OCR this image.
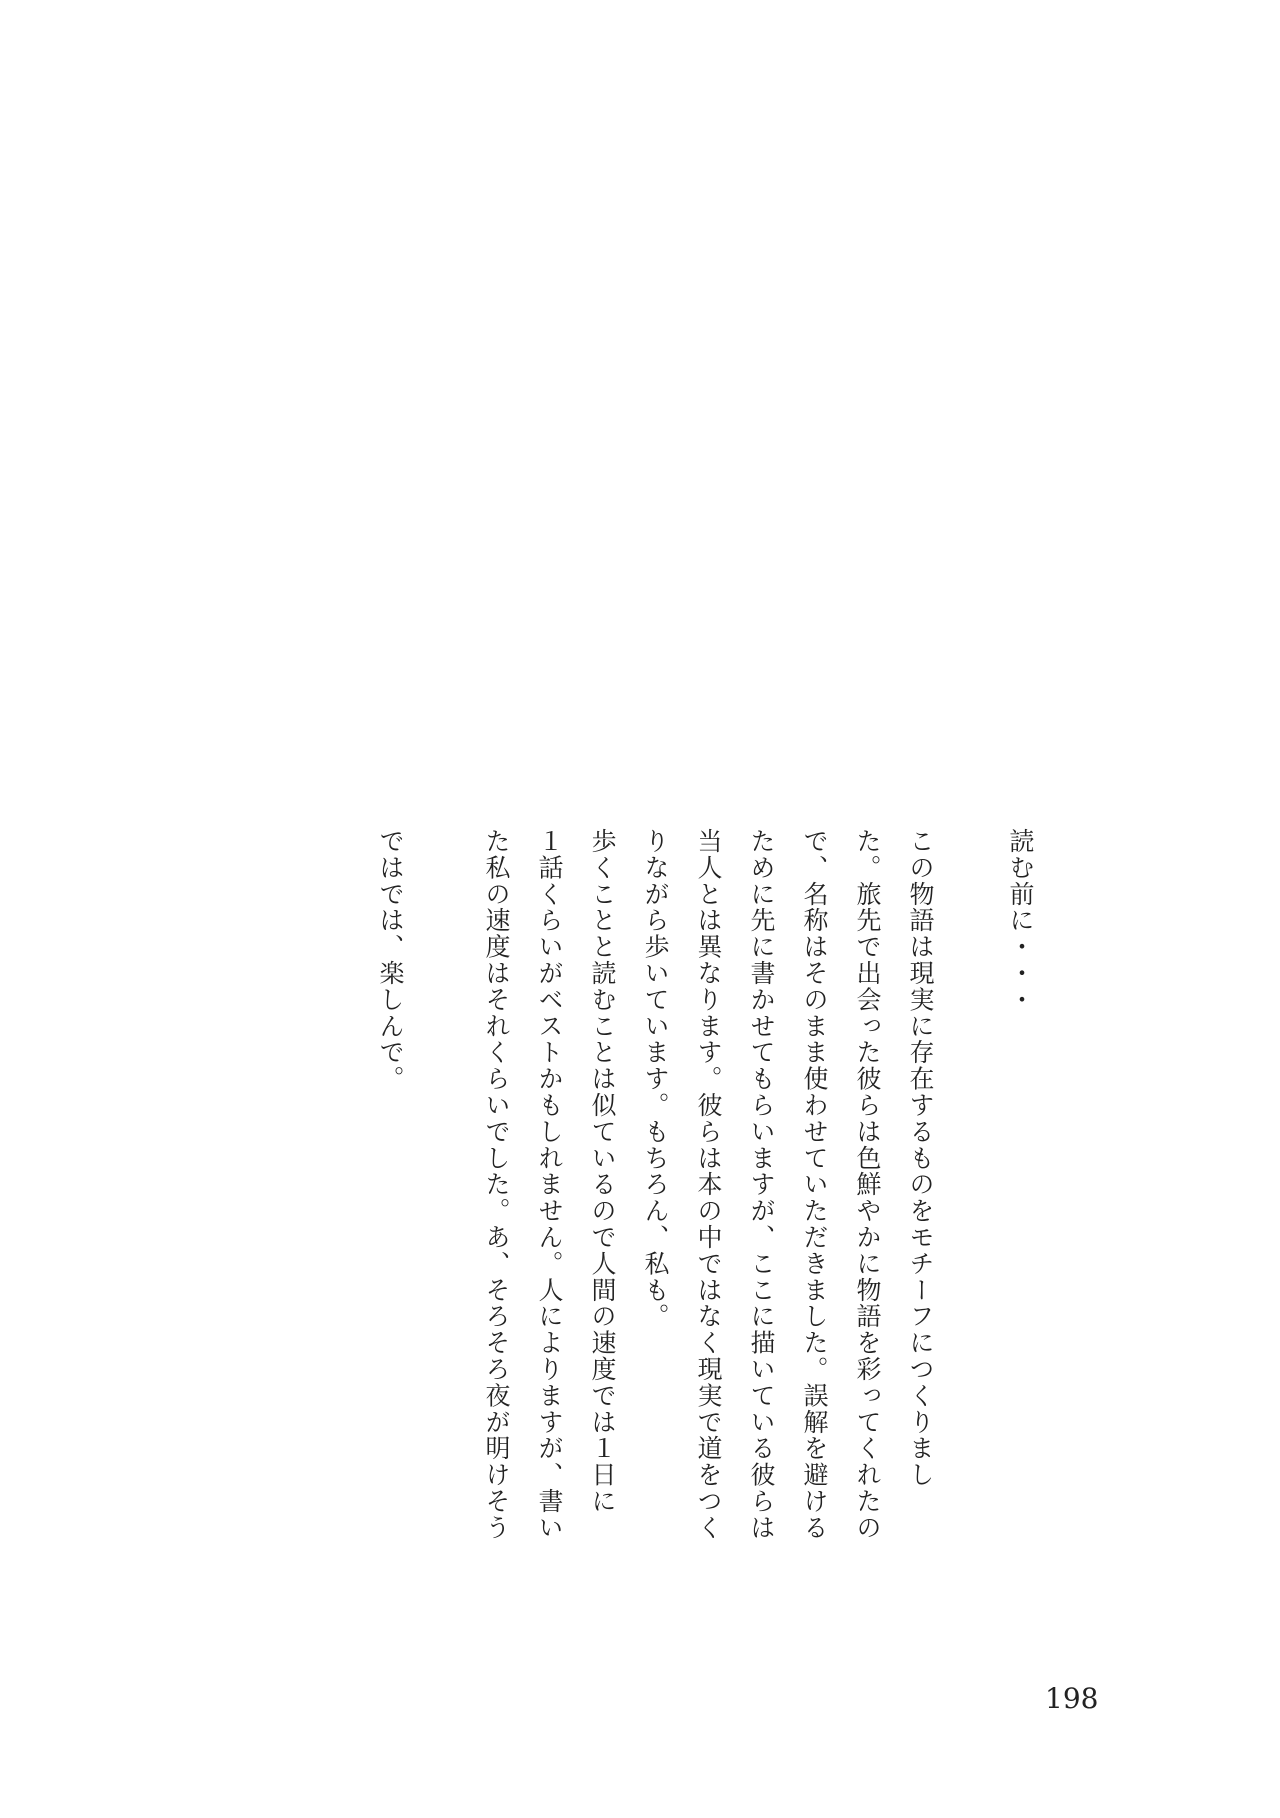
読む前に・・・
この物語は現実に存在するものをモチーフにつくりまし
た。旅先で出会った彼らは色鮮やかに物語を彩ってくれたの
で、名称はそのまま使わせていただきました。誤解を避ける
ために先に書かせてもらいますが、ここに描いている彼らは
当人とは異なります。彼らは本の中ではなく現実で道をつく
りながら歩いています。もちろん、私も。
歩くことと読むことは似ているので人間の速度では１日に
１話くらいがベストかもしれません。人によりますが、書い
た私の速度はそれくらいでした。あ、そろそろ夜が明けそう
ではでは、楽しんで。
198
